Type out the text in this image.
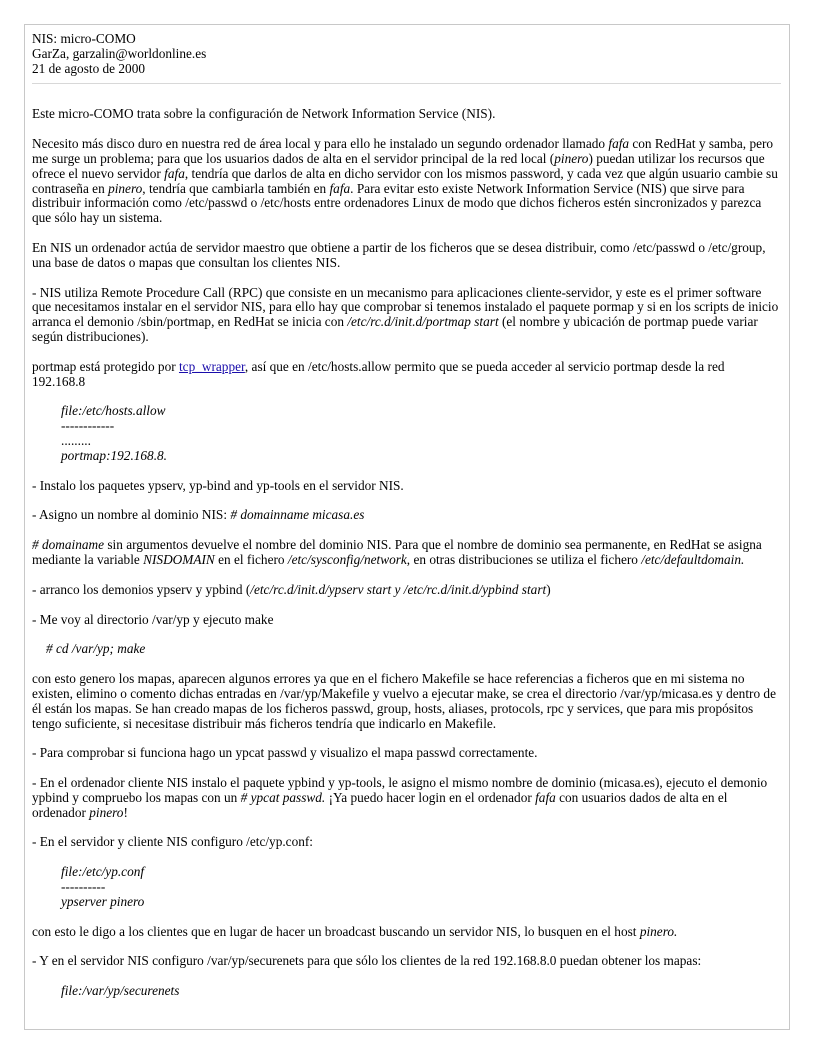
NIS: micro-COMO
GarZa, garzalin@worldonline.es
21 de agosto de 2000

Este micro-COMO trata sobre la configuración de Network Information Service (NIS).

Necesito más disco duro en nuestra red de área local y para ello he instalado un segundo ordenador llamado fafa con RedHat y samba, pero me surge un problema; para que los usuarios dados de alta en el servidor principal de la red local (pinero) puedan utilizar los recursos que ofrece el nuevo servidor fafa, tendría que darlos de alta en dicho servidor con los mismos password, y cada vez que algún usuario cambie su contraseña en pinero, tendría que cambiarla también en fafa. Para evitar esto existe Network Information Service (NIS) que sirve para distribuir información como /etc/passwd o /etc/hosts entre ordenadores Linux de modo que dichos ficheros estén sincronizados y parezca que sólo hay un sistema.

En NIS un ordenador actúa de servidor maestro que obtiene a partir de los ficheros que se desea distribuir, como /etc/passwd o /etc/group, una base de datos o mapas que consultan los clientes NIS.

- NIS utiliza Remote Procedure Call (RPC) que consiste en un mecanismo para aplicaciones cliente-servidor, y este es el primer software que necesitamos instalar en el servidor NIS, para ello hay que comprobar si tenemos instalado el paquete pormap y si en los scripts de inicio arranca el demonio /sbin/portmap, en RedHat se inicia con /etc/rc.d/init.d/portmap start (el nombre y ubicación de portmap puede variar según distribuciones).

portmap está protegido por tcp_wrapper, así que en /etc/hosts.allow permito que se pueda acceder al servicio portmap desde la red 192.168.8

file:/etc/hosts.allow
------------
.........
portmap:192.168.8.

- Instalo los paquetes ypserv, yp-bind and yp-tools en el servidor NIS.

- Asigno un nombre al dominio NIS: # domainname micasa.es

# domainame sin argumentos devuelve el nombre del dominio NIS. Para que el nombre de dominio sea permanente, en RedHat se asigna mediante la variable NISDOMAIN en el fichero /etc/sysconfig/network, en otras distribuciones se utiliza el fichero /etc/defaultdomain.

- arranco los demonios ypserv y ypbind (/etc/rc.d/init.d/ypserv start y /etc/rc.d/init.d/ypbind start)

- Me voy al directorio /var/yp y ejecuto make

# cd /var/yp; make

con esto genero los mapas, aparecen algunos errores ya que en el fichero Makefile se hace referencias a ficheros que en mi sistema no existen, elimino o comento dichas entradas en /var/yp/Makefile y vuelvo a ejecutar make, se crea el directorio /var/yp/micasa.es y dentro de él están los mapas. Se han creado mapas de los ficheros passwd, group, hosts, aliases, protocols, rpc y services, que para mis propósitos tengo suficiente, si necesitase distribuir más ficheros tendría que indicarlo en Makefile.

- Para comprobar si funciona hago un ypcat passwd y visualizo el mapa passwd correctamente.

- En el ordenador cliente NIS instalo el paquete ypbind y yp-tools, le asigno el mismo nombre de dominio (micasa.es), ejecuto el demonio ypbind y compruebo los mapas con un # ypcat passwd. ¡Ya puedo hacer login en el ordenador fafa con usuarios dados de alta en el ordenador pinero!

- En el servidor y cliente NIS configuro /etc/yp.conf:

file:/etc/yp.conf
----------
ypserver pinero

con esto le digo a los clientes que en lugar de hacer un broadcast buscando un servidor NIS, lo busquen en el host pinero.

- Y en el servidor NIS configuro /var/yp/securenets para que sólo los clientes de la red 192.168.8.0 puedan obtener los mapas:

file:/var/yp/securenets
